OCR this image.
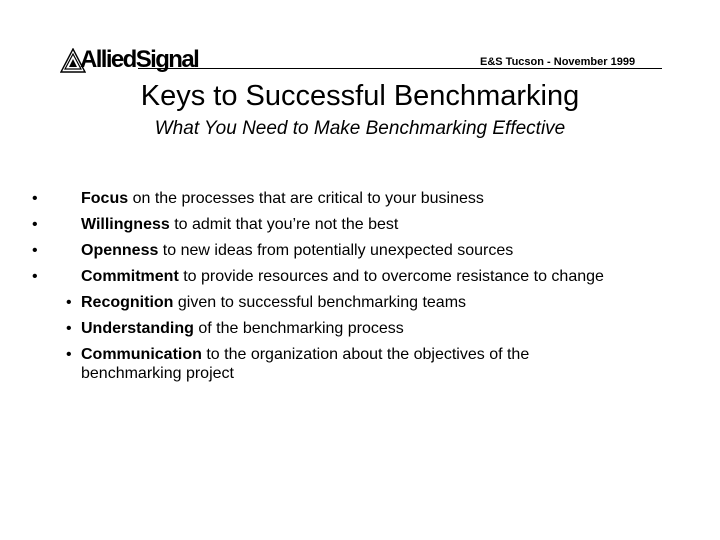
AlliedSignal	E&S Tucson - November 1999
Keys to Successful Benchmarking
What You Need to Make Benchmarking Effective
•	Focus on the processes that are critical to your business
•	Willingness to admit that you’re not the best
•	Openness to new ideas from potentially unexpected sources
•	Commitment to provide resources and to overcome resistance to change
• Recognition given to successful benchmarking teams
• Understanding of the benchmarking process
• Communication to the organization about the objectives of the benchmarking project
